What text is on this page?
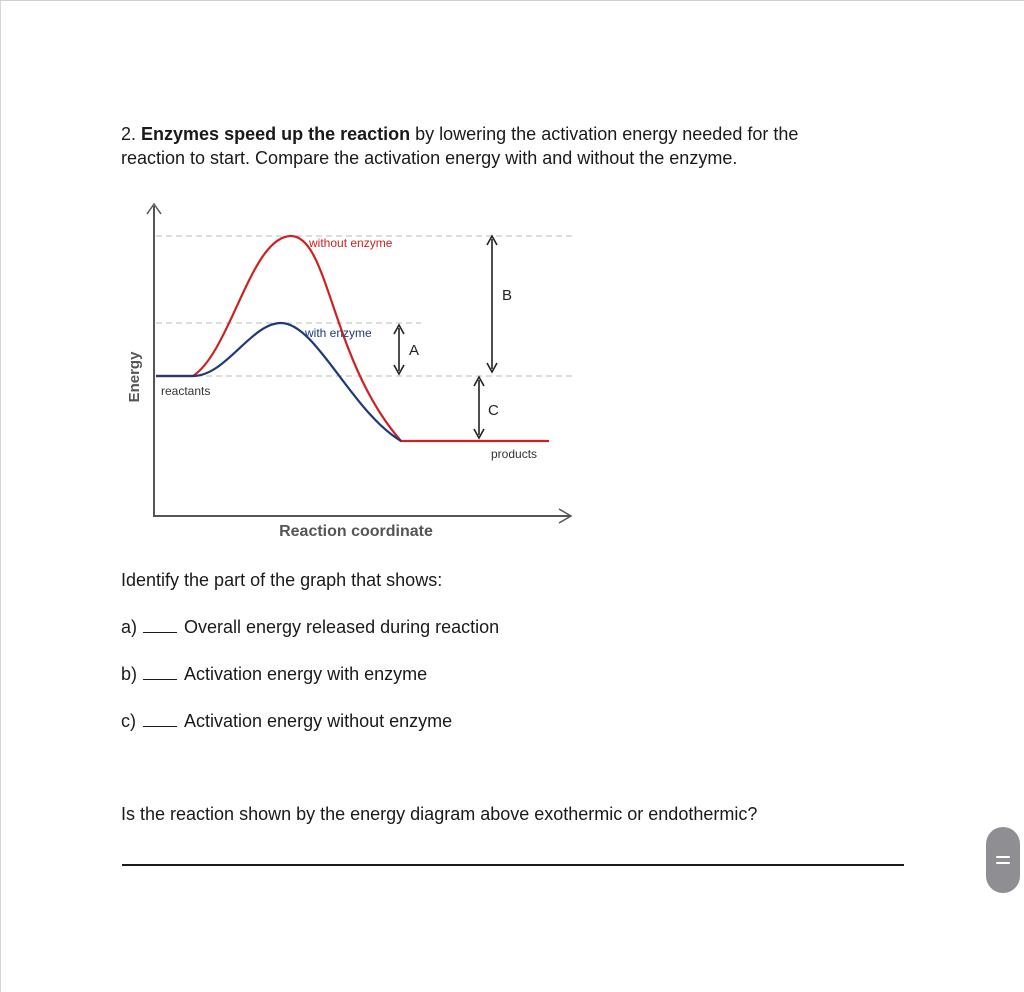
2. Enzymes speed up the reaction by lowering the activation energy needed for the
reaction to start. Compare the activation energy with and without the enzyme.
without enzyme
with enzyme
reactants
products
A
B
C
Energy
Reaction coordinate
Identify the part of the graph that shows:
a)	Overall energy released during reaction
b)	Activation energy with enzyme
c)	Activation energy without enzyme
Is the reaction shown by the energy diagram above exothermic or endothermic?
